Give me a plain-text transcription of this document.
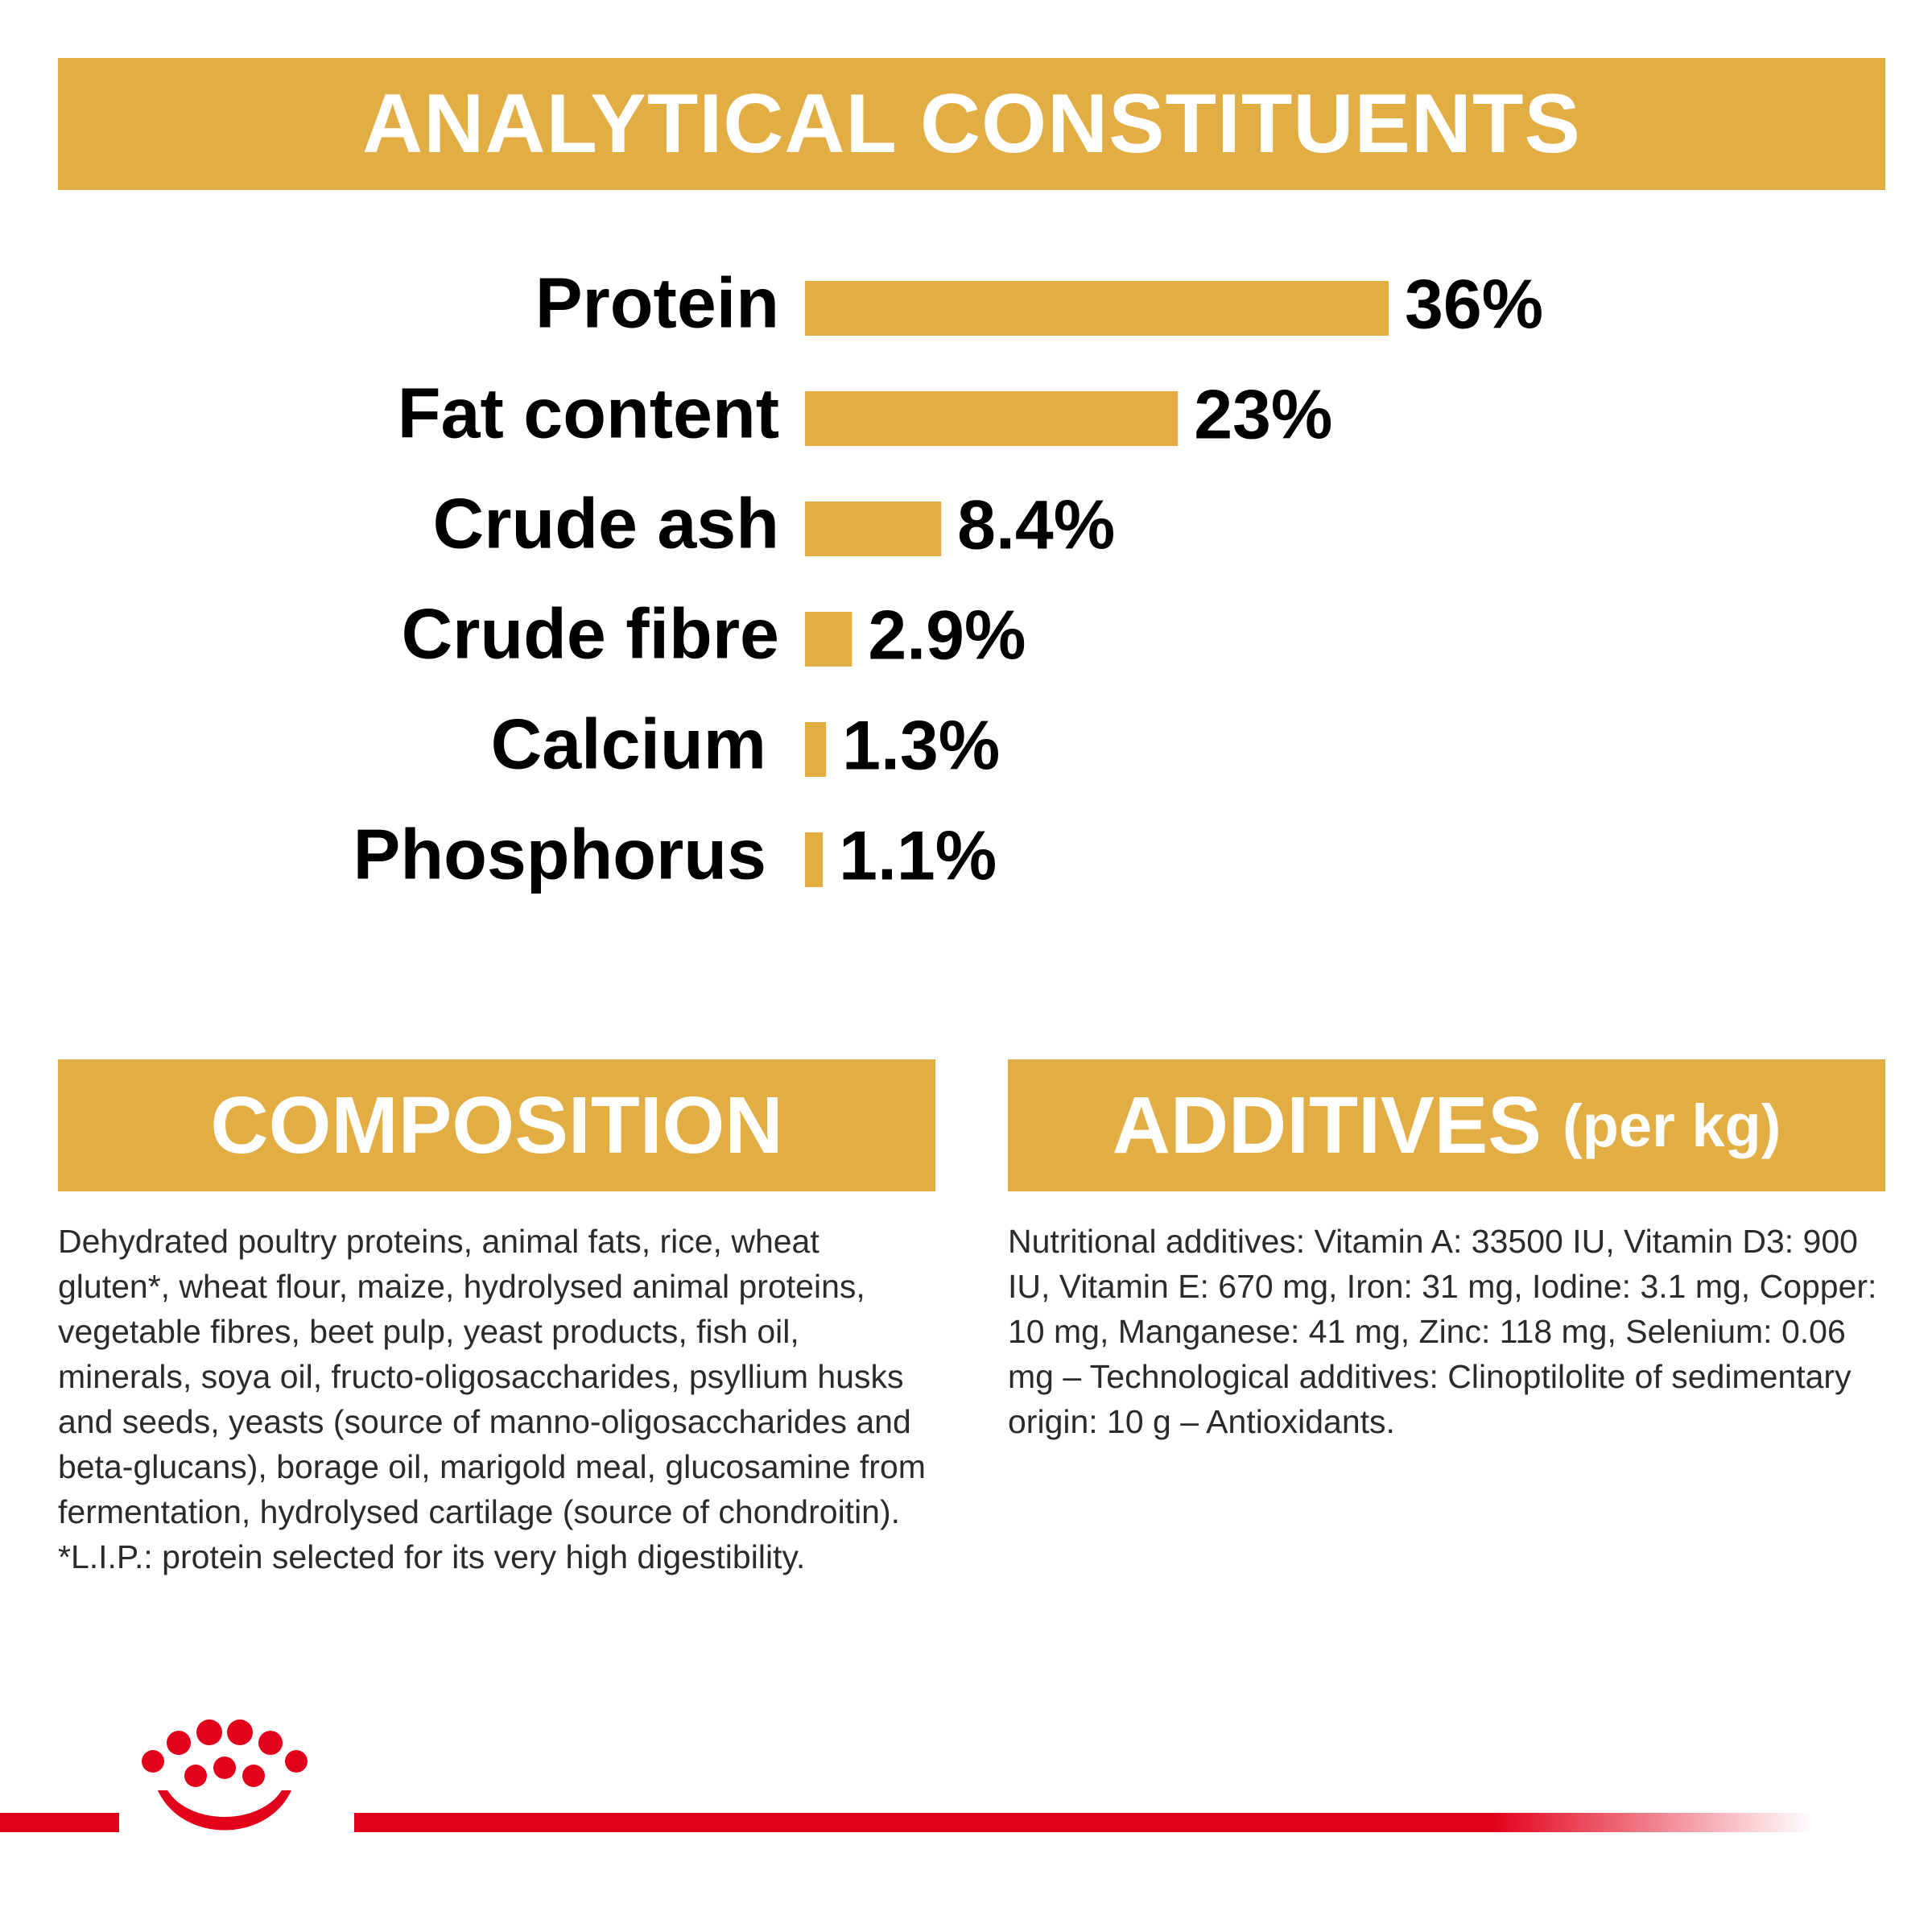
ANALYTICAL CONSTITUENTS
Protein	36%
Fat content	23%
Crude ash	8.4%
Crude fibre 2.9%
Calcium 1.3%
Phosphorus 1.1%
COMPOSITION	ADDITIVES (per kg)
Dehydrated poultry proteins, animal fats, rice, wheat gluten*, wheat flour, maize, hydrolysed animal proteins, vegetable fibres, beet pulp, yeast products, fish oil, minerals, soya oil, fructo-oligosaccharides, psyllium husks and seeds, yeasts (source of manno-oligosaccharides and beta-glucans), borage oil, marigold meal, glucosamine from fermentation, hydrolysed cartilage (source of chondroitin).
*L.I.P.: protein selected for its very high digestibility.
Nutritional additives: Vitamin A: 33500 IU, Vitamin D3: 900 IU, Vitamin E: 670 mg, Iron: 31 mg, Iodine: 3.1 mg, Copper: 10 mg, Manganese: 41 mg, Zinc: 118 mg, Selenium: 0.06 mg – Technological additives: Clinoptilolite of sedimentary origin: 10 g – Antioxidants.
